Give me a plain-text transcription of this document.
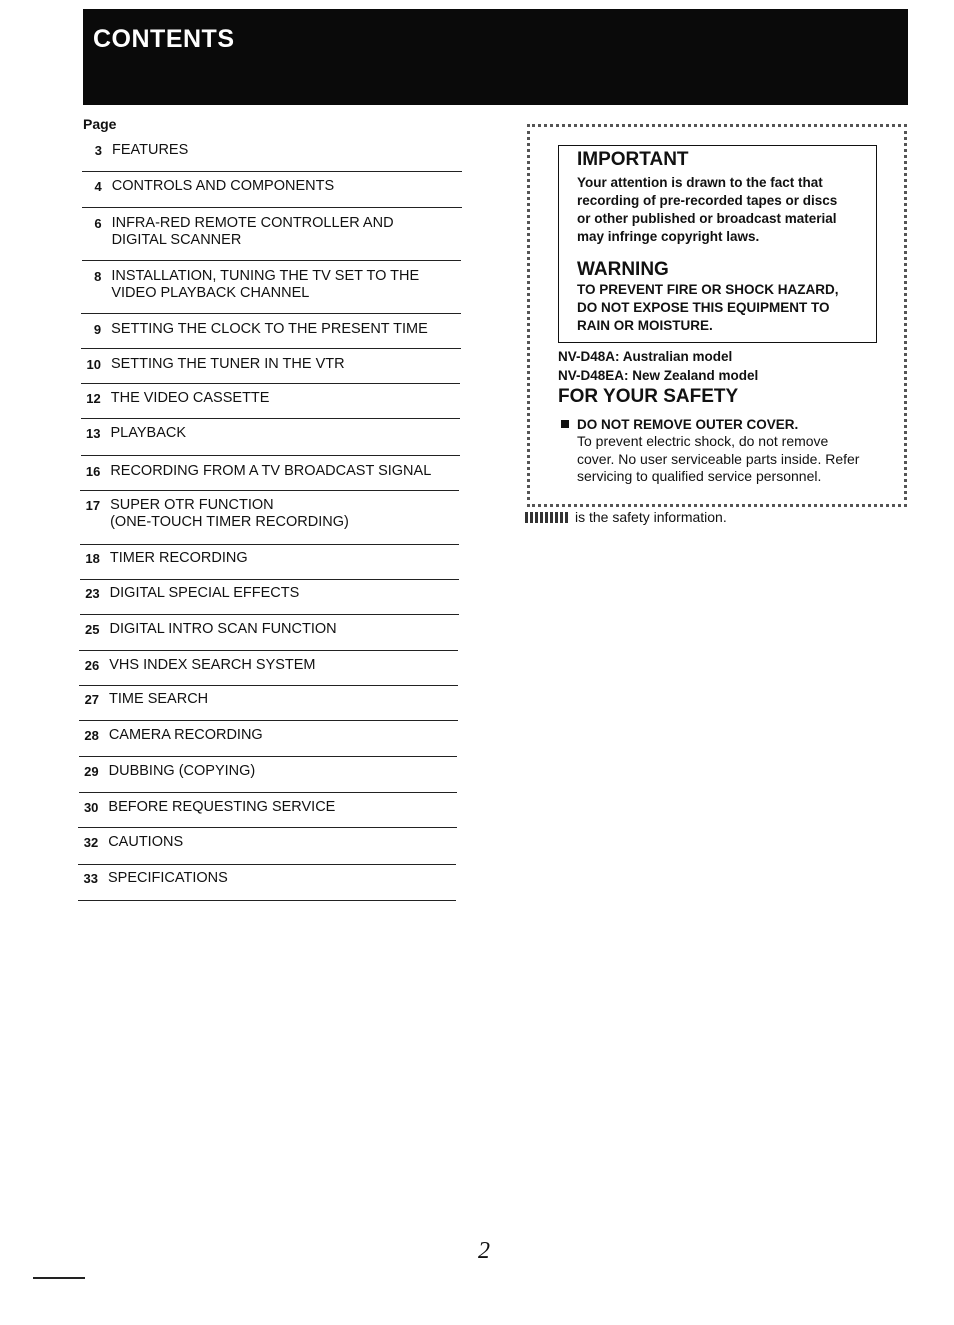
CONTENTS
Page
3 FEATURES
4 CONTROLS AND COMPONENTS
6 INFRA-RED REMOTE CONTROLLER AND
DIGITAL SCANNER
8 INSTALLATION, TUNING THE TV SET TO THE
VIDEO PLAYBACK CHANNEL
9 SETTING THE CLOCK TO THE PRESENT TIME
10 SETTING THE TUNER IN THE VTR
12 THE VIDEO CASSETTE
13 PLAYBACK
16 RECORDING FROM A TV BROADCAST SIGNAL
17 SUPER OTR FUNCTION
(ONE-TOUCH TIMER RECORDING)
18 TIMER RECORDING
23 DIGITAL SPECIAL EFFECTS
25 DIGITAL INTRO SCAN FUNCTION
26 VHS INDEX SEARCH SYSTEM
27 TIME SEARCH
28 CAMERA RECORDING
29 DUBBING (COPYING)
30 BEFORE REQUESTING SERVICE
32 CAUTIONS
33 SPECIFICATIONS
IMPORTANT
Your attention is drawn to the fact that
recording of pre-recorded tapes or discs
or other published or broadcast material
may infringe copyright laws.
WARNING
TO PREVENT FIRE OR SHOCK HAZARD,
DO NOT EXPOSE THIS EQUIPMENT TO
RAIN OR MOISTURE.
NV-D48A: Australian model
NV-D48EA: New Zealand model
FOR YOUR SAFETY
DO NOT REMOVE OUTER COVER.
To prevent electric shock, do not remove
cover. No user serviceable parts inside. Refer
servicing to qualified service personnel.
is the safety information.
2
